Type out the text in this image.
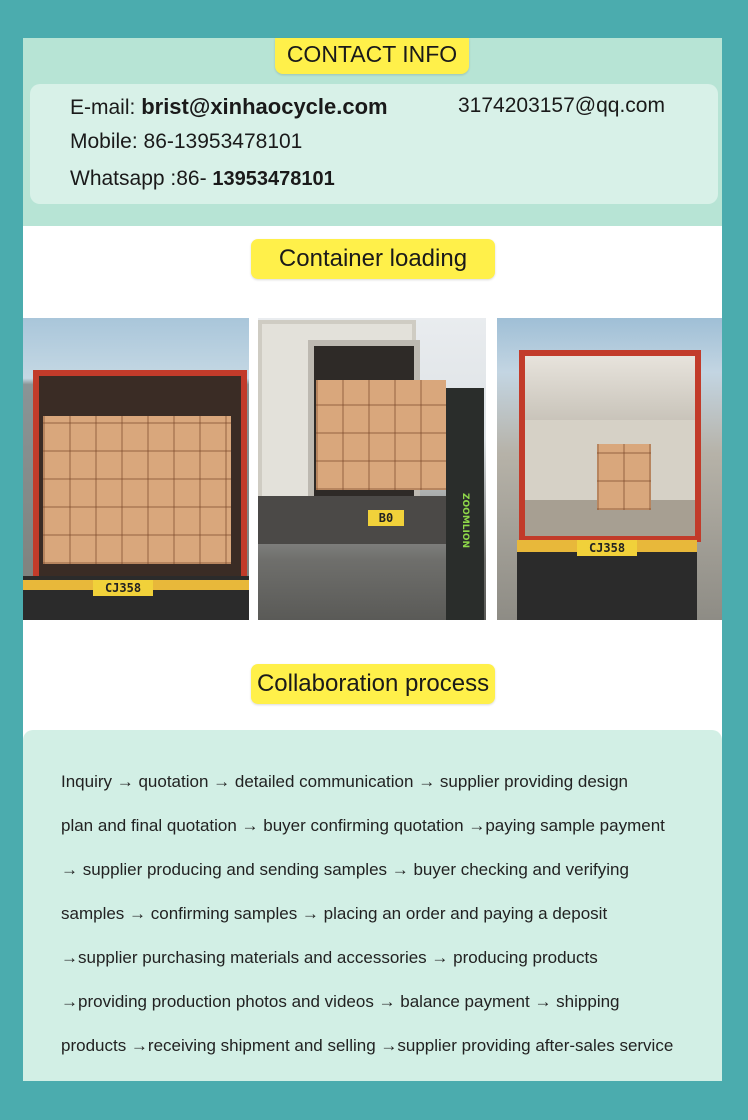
CONTACT INFO
E-mail: brist@xinhaocycle.com	3174203157@qq.com
Mobile: 86-13953478101
Whatsapp :86- 13953478101
Container loading
CJ358
B0	ZOOMLION	CJ358
Collaboration process
Inquiry → quotation → detailed communication → supplier providing design
plan and final quotation → buyer confirming quotation →paying sample payment
→ supplier producing and sending samples → buyer checking and verifying
samples → confirming samples → placing an order and paying a deposit
→supplier purchasing materials and accessories → producing products
→providing production photos and videos → balance payment → shipping
products →receiving shipment and selling →supplier providing after-sales service
